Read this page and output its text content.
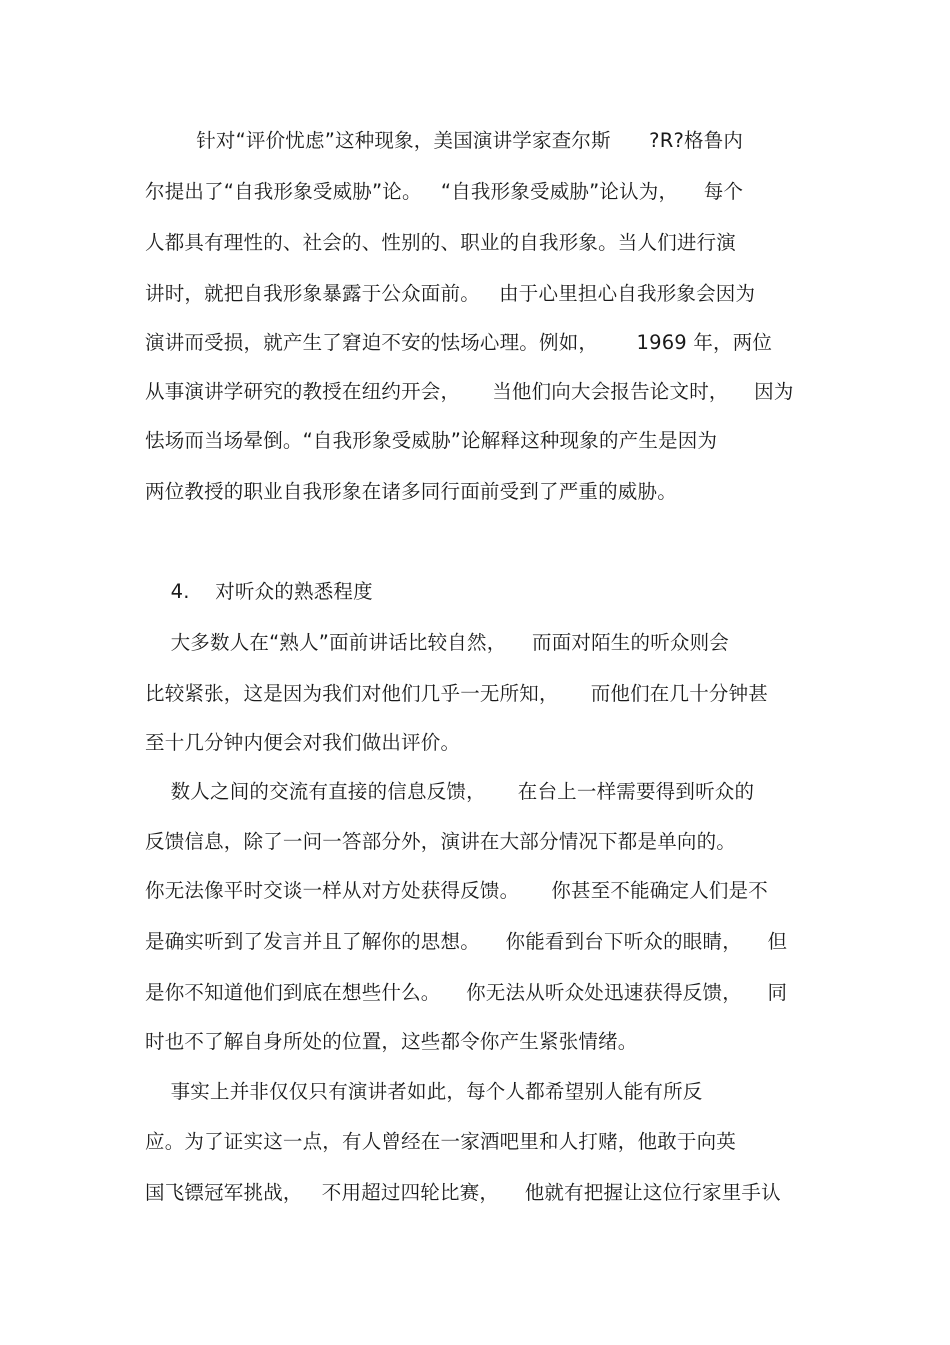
针对“评价忧虑”这种现象，美国演讲学家查尔斯      ?R?格鲁内
尔提出了“自我形象受威胁”论。   “自我形象受威胁”论认为，    每个
人都具有理性的、社会的、性别的、职业的自我形象。当人们进行演
讲时，就把自我形象暴露于公众面前。   由于心里担心自我形象会因为
演讲而受损，就产生了窘迫不安的怯场心理。例如，      1969 年，两位
从事演讲学研究的教授在纽约开会，     当他们向大会报告论文时，    因为
怯场而当场晕倒。“自我形象受威胁”论解释这种现象的产生是因为
两位教授的职业自我形象在诸多同行面前受到了严重的威胁。
4.    对听众的熟悉程度
大多数人在“熟人”面前讲话比较自然，    而面对陌生的听众则会
比较紧张，这是因为我们对他们几乎一无所知，     而他们在几十分钟甚
至十几分钟内便会对我们做出评价。
数人之间的交流有直接的信息反馈，     在台上一样需要得到听众的
反馈信息，除了一问一答部分外，演讲在大部分情况下都是单向的。
你无法像平时交谈一样从对方处获得反馈。     你甚至不能确定人们是不
是确实听到了发言并且了解你的思想。    你能看到台下听众的眼睛，    但
是你不知道他们到底在想些什么。    你无法从听众处迅速获得反馈，    同
时也不了解自身所处的位置，这些都令你产生紧张情绪。
事实上并非仅仅只有演讲者如此，每个人都希望别人能有所反
应。为了证实这一点，有人曾经在一家酒吧里和人打赌，他敢于向英
国飞镖冠军挑战，   不用超过四轮比赛，    他就有把握让这位行家里手认
